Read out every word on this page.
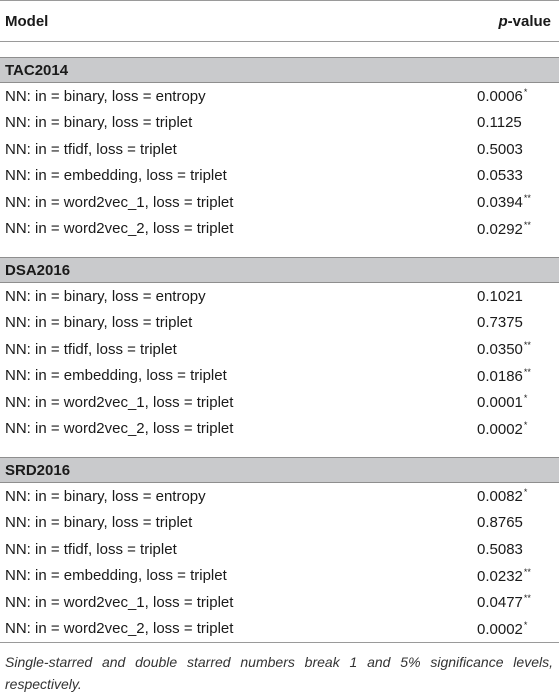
Model	p-value

TAC2014	
NN: in = binary, loss = entropy	0.0006*
NN: in = binary, loss = triplet	0.1125
NN: in = tfidf, loss = triplet	0.5003
NN: in = embedding, loss = triplet	0.0533
NN: in = word2vec_1, loss = triplet	0.0394**
NN: in = word2vec_2, loss = triplet	0.0292**

DSA2016	
NN: in = binary, loss = entropy	0.1021
NN: in = binary, loss = triplet	0.7375
NN: in = tfidf, loss = triplet	0.0350**
NN: in = embedding, loss = triplet	0.0186**
NN: in = word2vec_1, loss = triplet	0.0001*
NN: in = word2vec_2, loss = triplet	0.0002*

SRD2016	
NN: in = binary, loss = entropy	0.0082*
NN: in = binary, loss = triplet	0.8765
NN: in = tfidf, loss = triplet	0.5083
NN: in = embedding, loss = triplet	0.0232**
NN: in = word2vec_1, loss = triplet	0.0477**
NN: in = word2vec_2, loss = triplet	0.0002*
Single-starred and double starred numbers break 1 and 5% significance levels, respectively.
